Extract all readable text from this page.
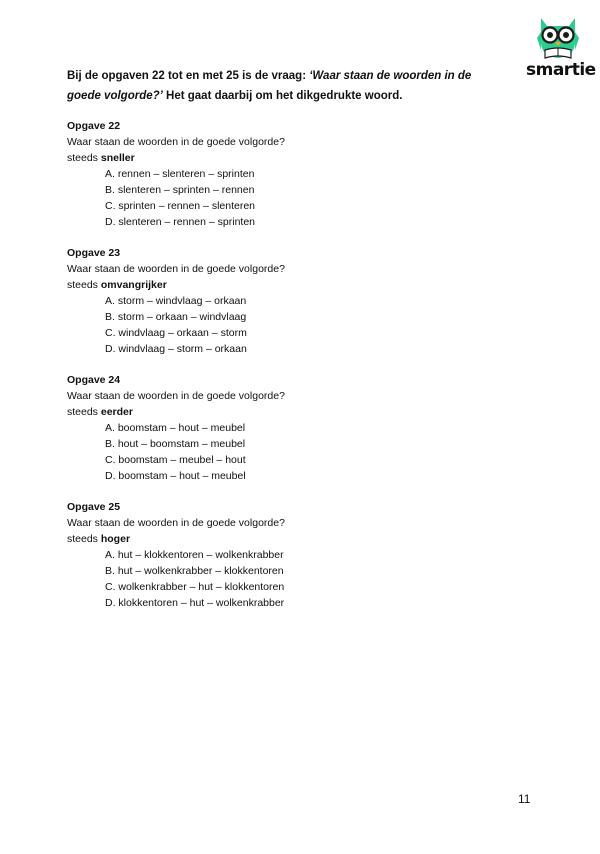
smartie
Bij de opgaven 22 tot en met 25 is de vraag: ‘Waar staan de woorden in de goede volgorde?’ Het gaat daarbij om het dikgedrukte woord.
Opgave 22
Waar staan de woorden in de goede volgorde?
steeds sneller
A. rennen – slenteren – sprinten
B. slenteren – sprinten – rennen
C. sprinten – rennen – slenteren
D. slenteren – rennen – sprinten
Opgave 23
Waar staan de woorden in de goede volgorde?
steeds omvangrijker
A. storm – windvlaag – orkaan
B. storm – orkaan – windvlaag
C. windvlaag – orkaan – storm
D. windvlaag – storm – orkaan
Opgave 24
Waar staan de woorden in de goede volgorde?
steeds eerder
A. boomstam – hout – meubel
B. hout – boomstam – meubel
C. boomstam – meubel – hout
D. boomstam – hout – meubel
Opgave 25
Waar staan de woorden in de goede volgorde?
steeds hoger
A. hut – klokkentoren – wolkenkrabber
B. hut – wolkenkrabber – klokkentoren
C. wolkenkrabber – hut – klokkentoren
D. klokkentoren – hut – wolkenkrabber
11
